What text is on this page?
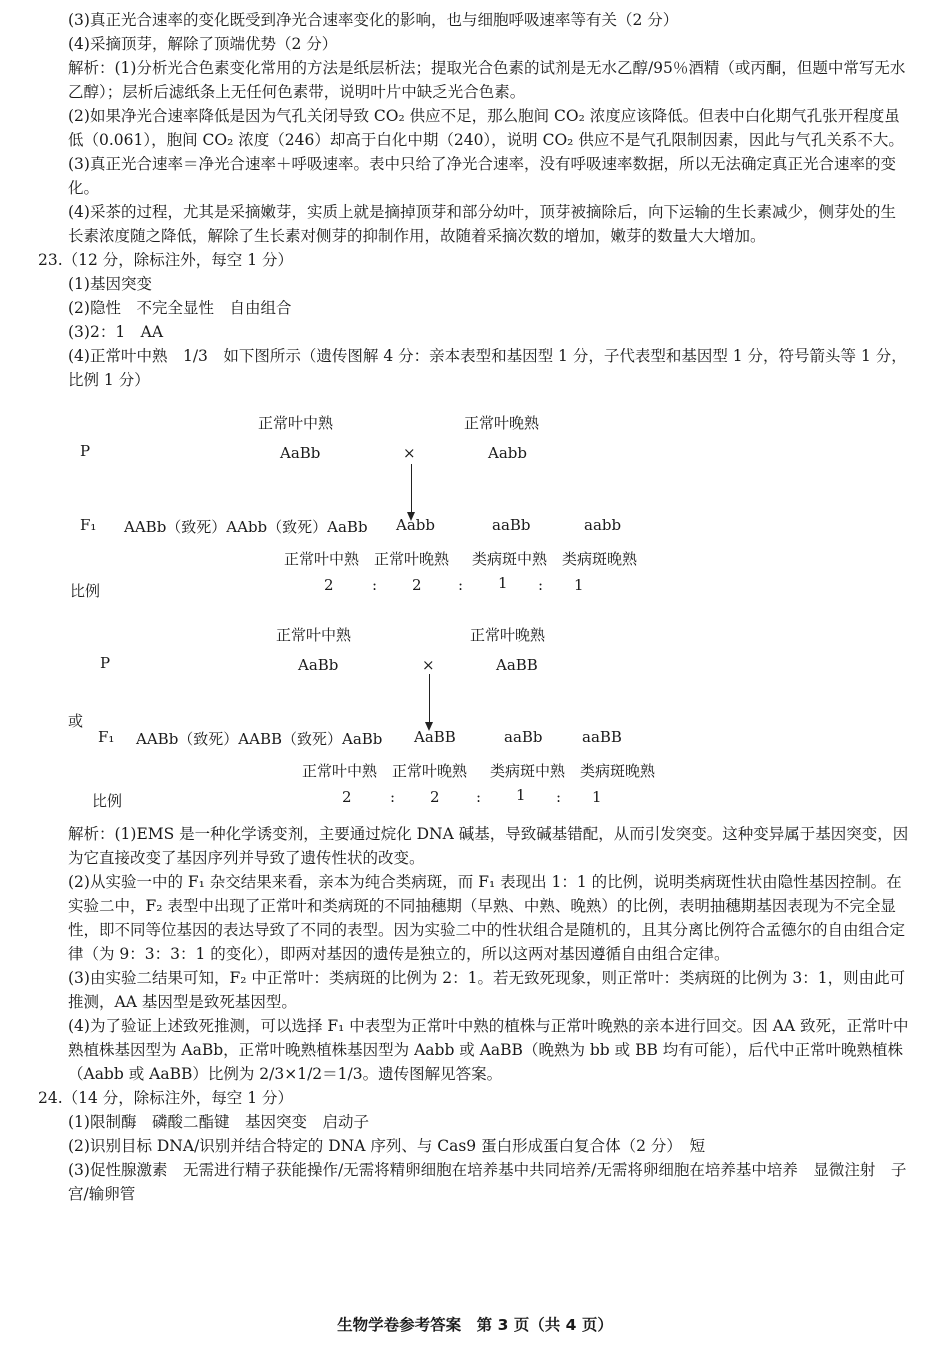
(3)真正光合速率的变化既受到净光合速率变化的影响，也与细胞呼吸速率等有关（2 分）

(4)采摘顶芽，解除了顶端优势（2 分）

解析：(1)分析光合色素变化常用的方法是纸层析法；提取光合色素的试剂是无水乙醇/95％酒精（或丙酮，但题中常写无水乙醇）；层析后滤纸条上无任何色素带，说明叶片中缺乏光合色素。

(2)如果净光合速率降低是因为气孔关闭导致 CO₂ 供应不足，那么胞间 CO₂ 浓度应该降低。但表中白化期气孔张开程度虽低（0.061），胞间 CO₂ 浓度（246）却高于白化中期（240），说明 CO₂ 供应不是气孔限制因素，因此与气孔关系不大。

(3)真正光合速率＝净光合速率＋呼吸速率。表中只给了净光合速率，没有呼吸速率数据，所以无法确定真正光合速率的变化。

(4)采茶的过程，尤其是采摘嫩芽，实质上就是摘掉顶芽和部分幼叶，顶芽被摘除后，向下运输的生长素减少，侧芽处的生长素浓度随之降低，解除了生长素对侧芽的抑制作用，故随着采摘次数的增加，嫩芽的数量大大增加。

23.（12 分，除标注外，每空 1 分）

(1)基因突变

(2)隐性　不完全显性　自由组合

(3)2：1　AA

(4)正常叶中熟　1/3　如下图所示（遗传图解 4 分：亲本表型和基因型 1 分，子代表型和基因型 1 分，符号箭头等 1 分，比例 1 分）

正常叶中熟	正常叶晚熟
P	AaBb	×	Aabb
F₁ AABb（致死）AAbb（致死）AaBb Aabb	aaBb	aabb
正常叶中熟 正常叶晚熟 类病斑中熟 类病斑晚熟
比例	2	: 2 : 1 : 1
正常叶中熟	正常叶晚熟
P	AaBb	×	AaBB
或
F₁ AABb（致死）AABB（致死）AaBb AaBB	aaBb	aaBB
正常叶中熟 正常叶晚熟 类病斑中熟 类病斑晚熟
比例	2	: 2 : 1 : 1

解析：(1)EMS 是一种化学诱变剂，主要通过烷化 DNA 碱基，导致碱基错配，从而引发突变。这种变异属于基因突变，因为它直接改变了基因序列并导致了遗传性状的改变。

(2)从实验一中的 F₁ 杂交结果来看，亲本为纯合类病斑，而 F₁ 表现出 1：1 的比例，说明类病斑性状由隐性基因控制。在实验二中，F₂ 表型中出现了正常叶和类病斑的不同抽穗期（早熟、中熟、晚熟）的比例，表明抽穗期基因表现为不完全显性，即不同等位基因的表达导致了不同的表型。因为实验二中的性状组合是随机的，且其分离比例符合孟德尔的自由组合定律（为 9：3：3：1 的变化），即两对基因的遗传是独立的，所以这两对基因遵循自由组合定律。

(3)由实验二结果可知，F₂ 中正常叶：类病斑的比例为 2：1。若无致死现象，则正常叶：类病斑的比例为 3：1，则由此可推测，AA 基因型是致死基因型。

(4)为了验证上述致死推测，可以选择 F₁ 中表型为正常叶中熟的植株与正常叶晚熟的亲本进行回交。因 AA 致死，正常叶中熟植株基因型为 AaBb，正常叶晚熟植株基因型为 Aabb 或 AaBB（晚熟为 bb 或 BB 均有可能），后代中正常叶晚熟植株（Aabb 或 AaBB）比例为 2/3×1/2＝1/3。遗传图解见答案。

24.（14 分，除标注外，每空 1 分）

(1)限制酶　磷酸二酯键　基因突变　启动子

(2)识别目标 DNA/识别并结合特定的 DNA 序列、与 Cas9 蛋白形成蛋白复合体（2 分）　短

(3)促性腺激素　无需进行精子获能操作/无需将精卵细胞在培养基中共同培养/无需将卵细胞在培养基中培养　显微注射　子宫/输卵管

生物学卷参考答案　第 3 页（共 4 页）
